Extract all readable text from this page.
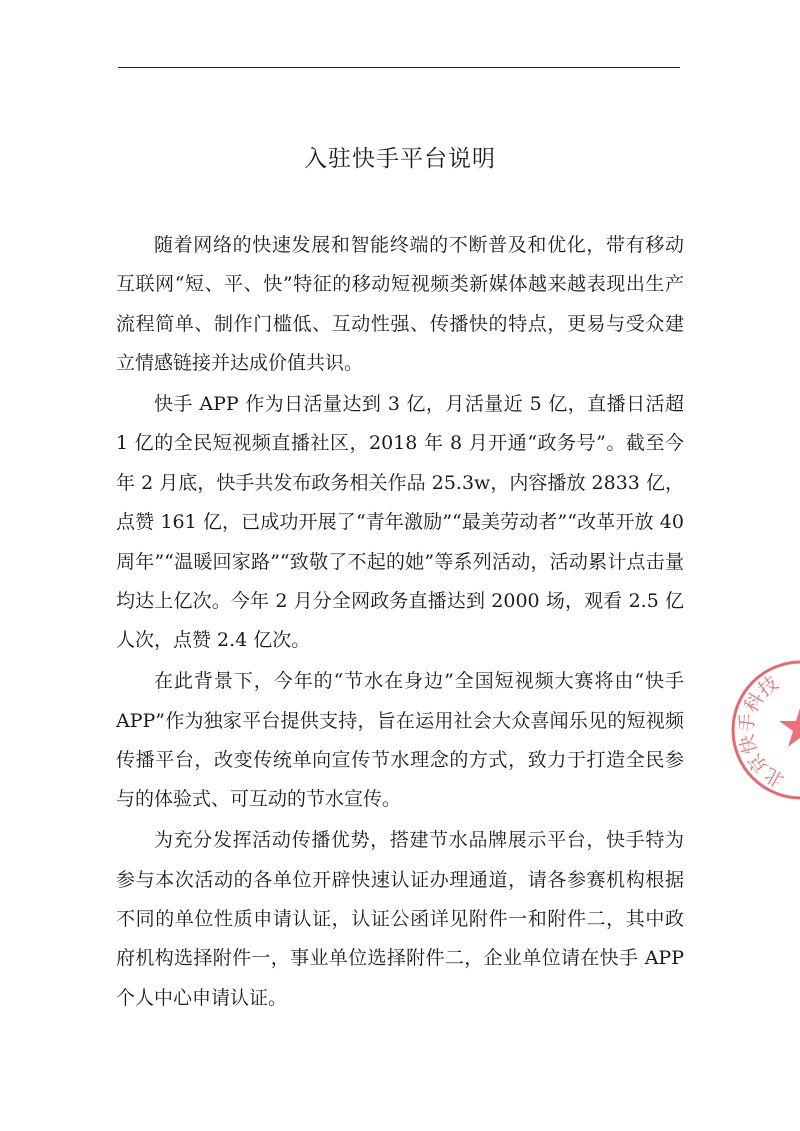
入驻快手平台说明

随着网络的快速发展和智能终端的不断普及和优化，带有移动互联网“短、平、快”特征的移动短视频类新媒体越来越表现出生产流程简单、制作门槛低、互动性强、传播快的特点，更易与受众建立情感链接并达成价值共识。

快手 APP 作为日活量达到 3 亿，月活量近 5 亿，直播日活超 1 亿的全民短视频直播社区，2018 年 8 月开通“政务号”。截至今年 2 月底，快手共发布政务相关作品 25.3w，内容播放 2833 亿，点赞 161 亿，已成功开展了“青年激励”“最美劳动者”“改革开放 40 周年”“温暖回家路”“致敬了不起的她”等系列活动，活动累计点击量均达上亿次。今年 2 月分全网政务直播达到 2000 场，观看 2.5 亿人次，点赞 2.4 亿次。

在此背景下，今年的“节水在身边”全国短视频大赛将由“快手 APP”作为独家平台提供支持，旨在运用社会大众喜闻乐见的短视频传播平台，改变传统单向宣传节水理念的方式，致力于打造全民参与的体验式、可互动的节水宣传。

为充分发挥活动传播优势，搭建节水品牌展示平台，快手特为参与本次活动的各单位开辟快速认证办理通道，请各参赛机构根据不同的单位性质申请认证，认证公函详见附件一和附件二，其中政府机构选择附件一，事业单位选择附件二，企业单位请在快手 APP 个人中心申请认证。

北京快手科技
